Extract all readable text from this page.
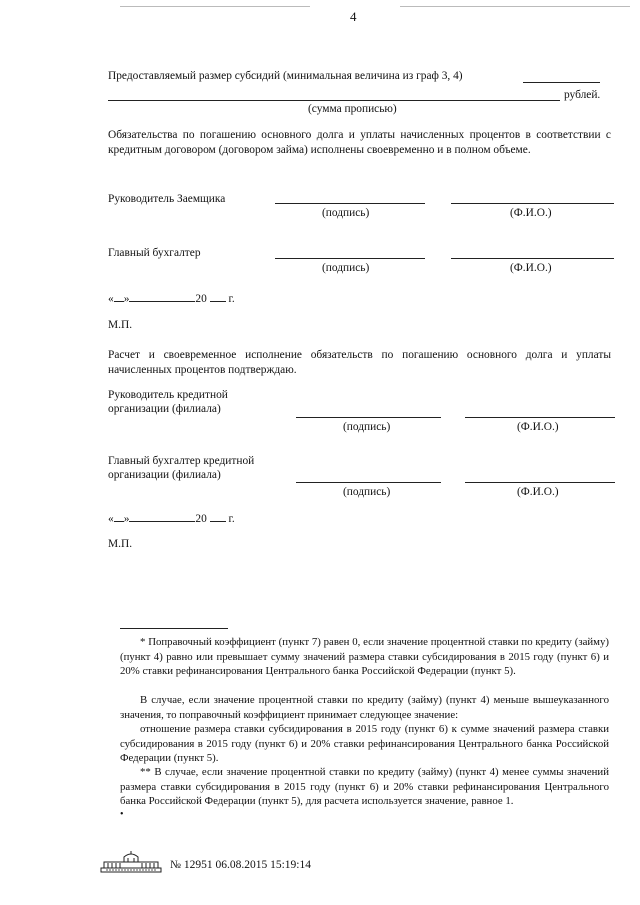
4
Предоставляемый размер субсидий (минимальная величина из граф 3, 4)
рублей.
(сумма прописью)
Обязательства по погашению основного долга и уплаты начисленных процентов в соответствии с кредитным договором (договором займа) исполнены своевременно и в полном объеме.
Руководитель Заемщика
(подпись)	(Ф.И.О.)
Главный бухгалтер
(подпись)	(Ф.И.О.)
« »	20 г.
М.П.
Расчет и своевременное исполнение обязательств по погашению основного долга и уплаты начисленных процентов подтверждаю.
Руководитель кредитной
организации (филиала)
(подпись)	(Ф.И.О.)
Главный бухгалтер кредитной
организации (филиала)
(подпись)	(Ф.И.О.)
« »	20 г.
М.П.
* Поправочный коэффициент (пункт 7) равен 0, если значение процентной ставки по кредиту (займу) (пункт 4) равно или превышает сумму значений размера ставки субсидирования в 2015 году (пункт 6) и 20% ставки рефинансирования Центрального банка Российской Федерации (пункт 5).
В случае, если значение процентной ставки по кредиту (займу) (пункт 4) меньше вышеуказанного значения, то поправочный коэффициент принимает следующее значение:
отношение размера ставки субсидирования в 2015 году (пункт 6) к сумме значений размера ставки субсидирования в 2015 году (пункт 6) и 20% ставки рефинансирования Центрального банка Российской Федерации (пункт 5).
** В случае, если значение процентной ставки по кредиту (займу) (пункт 4) менее суммы значений размера ставки субсидирования в 2015 году (пункт 6) и 20% ставки рефинансирования Центрального банка Российской Федерации (пункт 5), для расчета используется значение, равное 1.
•
№ 12951 06.08.2015 15:19:14
